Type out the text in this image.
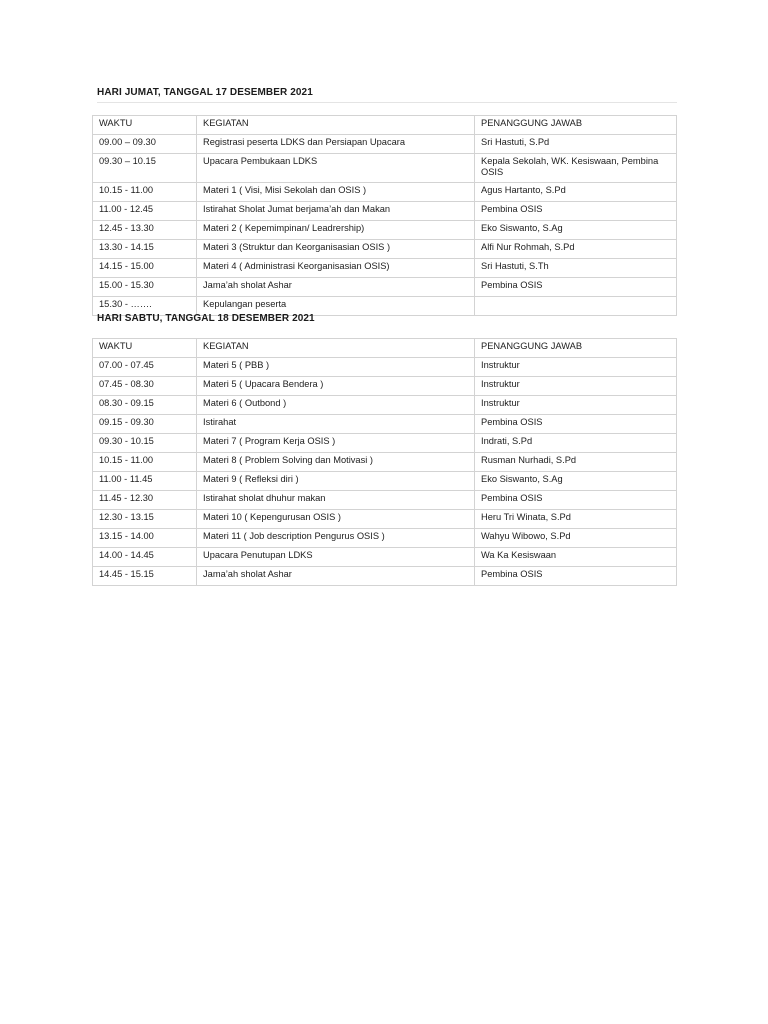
HARI JUMAT, TANGGAL 17 DESEMBER 2021
WAKTU	KEGIATAN	PENANGGUNG JAWAB
09.00 – 09.30	Registrasi peserta LDKS dan Persiapan Upacara	Sri Hastuti, S.Pd
09.30 – 10.15	Upacara Pembukaan LDKS	Kepala Sekolah, WK. Kesiswaan, Pembina OSIS
10.15 - 11.00	Materi 1 ( Visi, Misi Sekolah dan OSIS )	Agus Hartanto, S.Pd
11.00 - 12.45	Istirahat Sholat Jumat berjama’ah dan Makan	Pembina OSIS
12.45 - 13.30	Materi 2 ( Kepemimpinan/ Leadrership)	Eko Siswanto, S.Ag
13.30 - 14.15	Materi 3 (Struktur dan Keorganisasian OSIS )	Alfi Nur Rohmah, S.Pd
14.15 - 15.00	Materi 4 ( Administrasi Keorganisasian OSIS)	Sri Hastuti, S.Th
15.00 - 15.30	Jama’ah sholat Ashar	Pembina OSIS
15.30 - …….	Kepulangan peserta	
HARI SABTU, TANGGAL 18 DESEMBER 2021
WAKTU	KEGIATAN	PENANGGUNG JAWAB
07.00 - 07.45	Materi 5 ( PBB )	Instruktur
07.45 - 08.30	Materi 5 ( Upacara Bendera )	Instruktur
08.30 - 09.15	Materi 6 ( Outbond )	Instruktur
09.15 - 09.30	Istirahat	Pembina OSIS
09.30 - 10.15	Materi 7 ( Program Kerja OSIS )	Indrati, S.Pd
10.15 - 11.00	Materi 8 ( Problem Solving dan Motivasi )	Rusman Nurhadi, S.Pd
11.00 - 11.45	Materi 9 ( Refleksi diri )	Eko Siswanto, S.Ag
11.45 - 12.30	Istirahat sholat dhuhur makan	Pembina OSIS
12.30 - 13.15	Materi 10 ( Kepengurusan OSIS )	Heru Tri Winata, S.Pd
13.15 - 14.00	Materi 11 ( Job description Pengurus OSIS )	Wahyu Wibowo, S.Pd
14.00 - 14.45	Upacara Penutupan LDKS	Wa Ka Kesiswaan
14.45 - 15.15	Jama’ah sholat Ashar	Pembina OSIS
